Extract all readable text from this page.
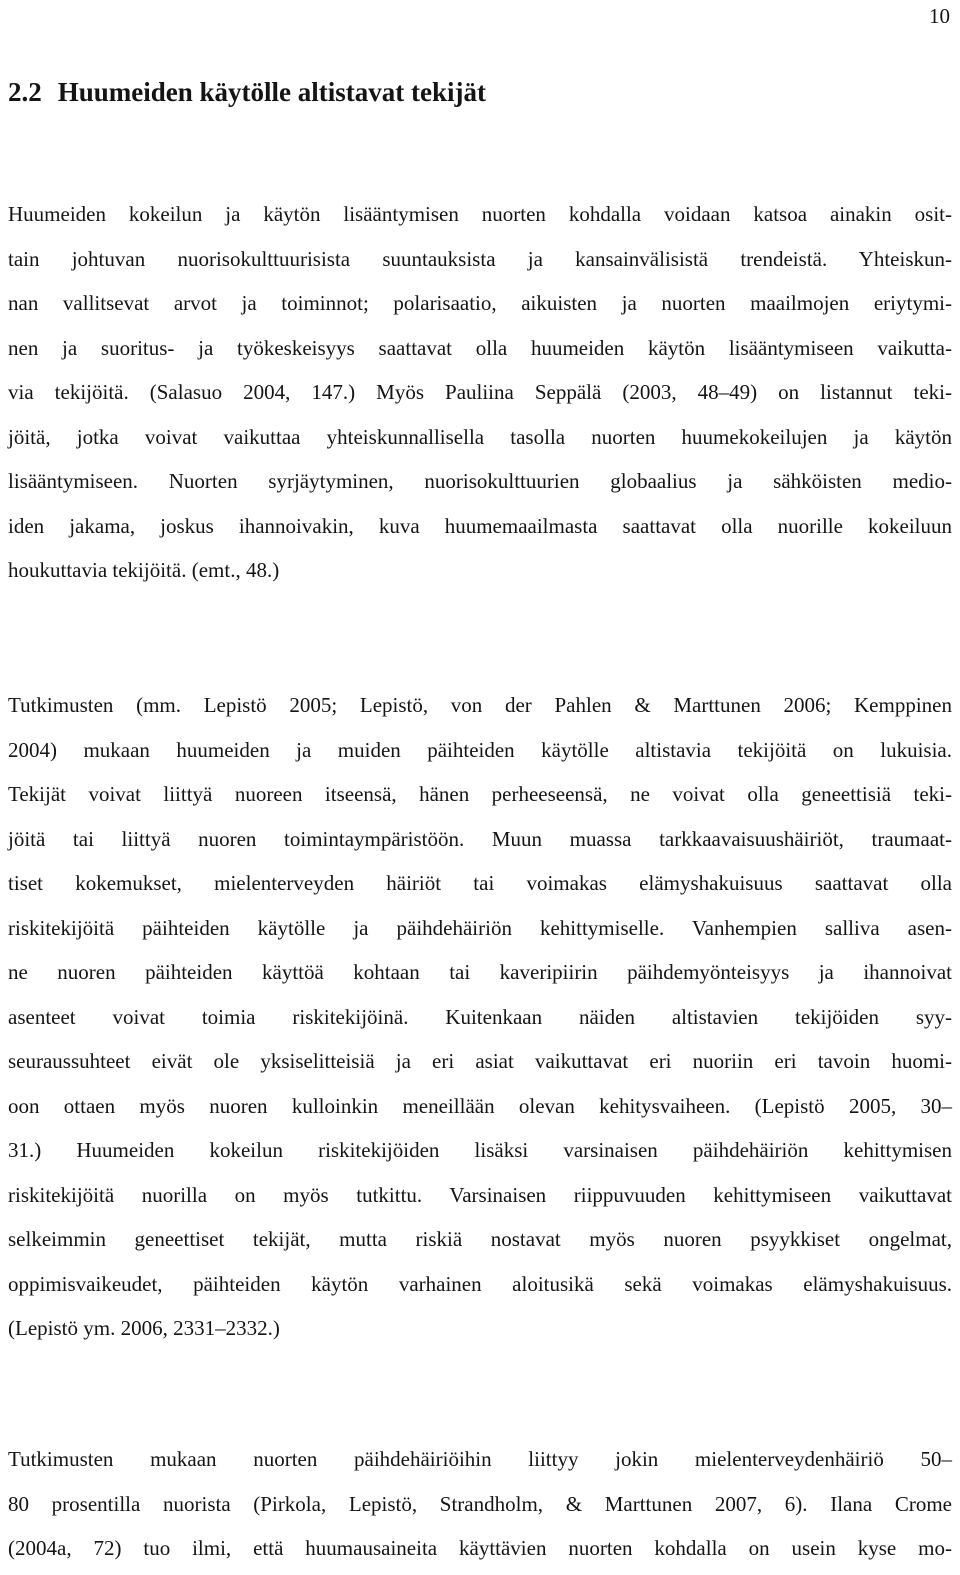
10
2.2 Huumeiden käytölle altistavat tekijät

Huumeiden kokeilun ja käytön lisääntymisen nuorten kohdalla voidaan katsoa ainakin osit-
tain johtuvan nuorisokulttuurisista suuntauksista ja kansainvälisistä trendeistä. Yhteiskun-
nan vallitsevat arvot ja toiminnot; polarisaatio, aikuisten ja nuorten maailmojen eriytymi-
nen ja suoritus- ja työkeskeisyys saattavat olla huumeiden käytön lisääntymiseen vaikutta-
via tekijöitä. (Salasuo 2004, 147.) Myös Pauliina Seppälä (2003, 48–49) on listannut teki-
jöitä, jotka voivat vaikuttaa yhteiskunnallisella tasolla nuorten huumekokeilujen ja käytön
lisääntymiseen. Nuorten syrjäytyminen, nuorisokulttuurien globaalius ja sähköisten medio-
iden jakama, joskus ihannoivakin, kuva huumemaailmasta saattavat olla nuorille kokeiluun
houkuttavia tekijöitä. (emt., 48.)

Tutkimusten (mm. Lepistö 2005; Lepistö, von der Pahlen & Marttunen 2006; Kemppinen
2004) mukaan huumeiden ja muiden päihteiden käytölle altistavia tekijöitä on lukuisia.
Tekijät voivat liittyä nuoreen itseensä, hänen perheeseensä, ne voivat olla geneettisiä teki-
jöitä tai liittyä nuoren toimintaympäristöön. Muun muassa tarkkaavaisuushäiriöt, traumaat-
tiset kokemukset, mielenterveyden häiriöt tai voimakas elämyshakuisuus saattavat olla
riskitekijöitä päihteiden käytölle ja päihdehäiriön kehittymiselle. Vanhempien salliva asen-
ne nuoren päihteiden käyttöä kohtaan tai kaveripiirin päihdemyönteisyys ja ihannoivat
asenteet voivat toimia riskitekijöinä. Kuitenkaan näiden altistavien tekijöiden syy-
seuraussuhteet eivät ole yksiselitteisiä ja eri asiat vaikuttavat eri nuoriin eri tavoin huomi-
oon ottaen myös nuoren kulloinkin meneillään olevan kehitysvaiheen. (Lepistö 2005, 30–
31.) Huumeiden kokeilun riskitekijöiden lisäksi varsinaisen päihdehäiriön kehittymisen
riskitekijöitä nuorilla on myös tutkittu. Varsinaisen riippuvuuden kehittymiseen vaikuttavat
selkeimmin geneettiset tekijät, mutta riskiä nostavat myös nuoren psyykkiset ongelmat,
oppimisvaikeudet, päihteiden käytön varhainen aloitusikä sekä voimakas elämyshakuisuus.
(Lepistö ym. 2006, 2331–2332.)

Tutkimusten mukaan nuorten päihdehäiriöihin liittyy jokin mielenterveydenhäiriö 50–
80 prosentilla nuorista (Pirkola, Lepistö, Strandholm, & Marttunen 2007, 6). Ilana Crome
(2004a, 72) tuo ilmi, että huumausaineita käyttävien nuorten kohdalla on usein kyse mo-
